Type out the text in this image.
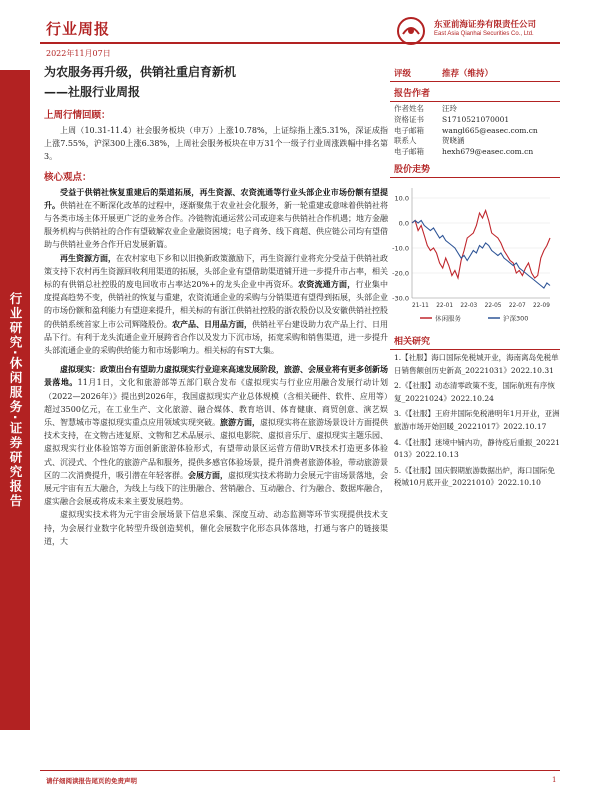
行业周报
2022年11月07日
东亚前海证券有限责任公司
East Asia Qianhai Securities Co., Ltd.
行业研究·休闲服务·证券研究报告
为农服务再升级，供销社重启育新机
——社服行业周报
上周行情回顾：

上周（10.31-11.4）社会服务板块（申万）上涨10.78%，上证综指上涨5.31%，深证成指上涨7.55%，沪深300上涨6.38%，上周社会服务板块在申万31个一级子行业周涨跌幅中排名第3。

核心观点：

受益于供销社恢复重建后的渠道拓展，再生资源、农资流通等行业头部企业市场份额有望提升。供销社在不断深化改革的过程中，逐渐聚焦于农业社会化服务，新一轮重建或意味着供销社将与各类市场主体开展更广泛的业务合作。冷链物流通运营公司或迎来与供销社合作机遇；地方金融服务机构与供销社的合作有望破解农业企业融资困境；电子商务、线下商超、供应链公司均有望借助与供销社业务合作开启发展新篇。

再生资源方面，在农村家电下乡和以旧换新政策激励下，再生资源行业将充分受益于供销社政策支持下农村再生资源回收利用渠道的拓展，头部企业有望借助渠道铺开进一步提升市占率，相关标的有供销总社控股的废电回收市占率达20%+的龙头企业中再资环。农资流通方面，行业集中度提高趋势不变，供销社的恢复与重建，农资流通企业的采购与分销渠道有望得到拓展，头部企业的市场份额和盈利能力有望迎来提升，相关标的有浙江供销社控股的浙农股份以及安徽供销社控股的供销系统首家上市公司辉隆股份。农产品、日用品方面，供销社平台建设助力农产品上行、日用品下行。有利于龙头流通企业开展跨省合作以及发力下沉市场，拓宽采购和销售渠道，进一步提升头部流通企业的采购供给能力和市场影响力。相关标的有ST大集。

虚拟现实：政策出台有望助力虚拟现实行业迎来高速发展阶段，旅游、会展业将有更多创新场景落地。11月1日，文化和旅游部等五部门联合发布《虚拟现实与行业应用融合发展行动计划（2022—2026年）》提出到2026年，我国虚拟现实产业总体规模（含相关硬件、软件、应用等）超过3500亿元，在工业生产、文化旅游、融合媒体、教育培训、体育健康、商贸创意、演艺娱乐、智慧城市等虚拟现实重点应用领域实现突破。旅游方面，虚拟现实将在旅游场景设计方面提供技术支持，在文物古迹复原、文物和艺术品展示、虚拟电影院、虚拟音乐厅、虚拟现实主题乐园、虚拟现实行业体验馆等方面创新旅游体验形式，有望带动景区运营方借助VR技术打造更多体验式、沉浸式、个性化的旅游产品和服务，提供多感官体验场景，提升消费者旅游体验，带动旅游景区的二次消费提升，吸引潜在年轻客群。会展方面，虚拟现实技术将助力会展元宇宙场景落地，会展元宇宙有五大融合，为线上与线下的注册融合、营销融合、互动融合、行为融合、数据库融合，虚实融合会展或将成未来主要发展趋势。

虚拟现实技术将为元宇宙会展场景下信息采集、深度互动、动态监测等环节实现提供技术支持，为会展行业数字化转型升级创造契机，催化会展数字化形态具体落地，打通与客户的链接渠道，大

评级	推荐（维持）
报告作者
作者姓名 汪玲
资格证书 S1710521070001
电子邮箱 wangl665@easec.com.cn
联系人	贺晓涵
电子邮箱 hexh679@easec.com.cn
股价走势
10.0
0.0
-10.0
-20.0
-30.0
21-11 22-01 22-03 22-05 22-07 22-09
休闲服务	沪深300
相关研究
1.【社服】海口国际免税城开业，海南离岛免税单日销售额创历史新高_20221031》2022.10.31
2.《【社服】动态清零政策不变，国际航班有序恢复_20221024》2022.10.24
3.《【社服】王府井国际免税港明年1月开业，亚洲旅游市场开始回暖_20221017》2022.10.17
4.《【社服】迷境中铺内功，静待疫后重振_20221013》2022.10.13
5.《【社服】国庆假期旅游数据出炉，海口国际免税城10月底开业_20221010》2022.10.10
请仔细阅读报告尾页的免责声明	1
